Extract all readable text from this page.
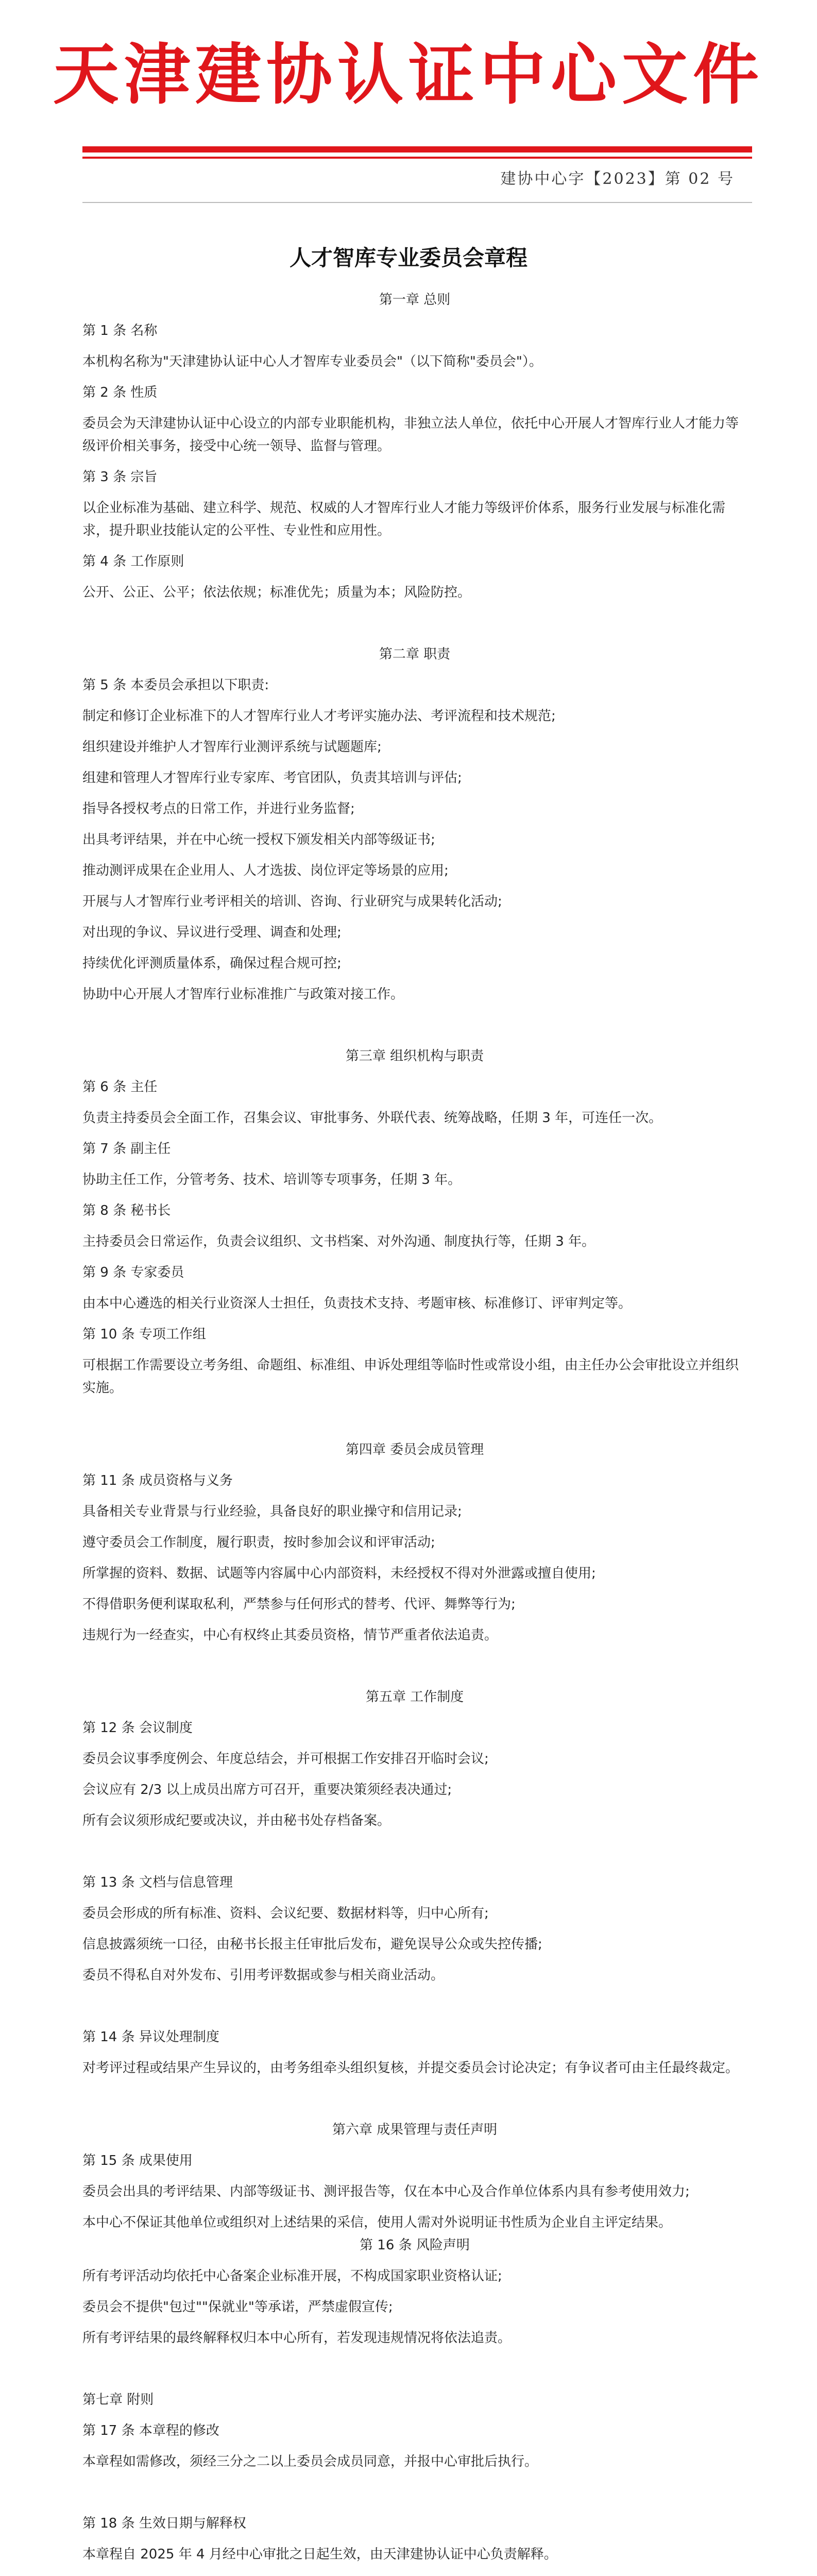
天津建协认证中心文件
建协中心字【2023】第 02 号
人才智库专业委员会章程

第一章 总则

第 1 条 名称

本机构名称为"天津建协认证中心人才智库专业委员会"（以下简称"委员会"）。

第 2 条 性质

委员会为天津建协认证中心设立的内部专业职能机构，非独立法人单位，依托中心开展人才智库行业人才能力等级评价相关事务，接受中心统一领导、监督与管理。

第 3 条 宗旨

以企业标准为基础、建立科学、规范、权威的人才智库行业人才能力等级评价体系，服务行业发展与标准化需求，提升职业技能认定的公平性、专业性和应用性。

第 4 条 工作原则

公开、公正、公平；依法依规；标准优先；质量为本；风险防控。

第二章 职责

第 5 条 本委员会承担以下职责:

制定和修订企业标准下的人才智库行业人才考评实施办法、考评流程和技术规范;

组织建设并维护人才智库行业测评系统与试题题库;

组建和管理人才智库行业专家库、考官团队，负责其培训与评估;

指导各授权考点的日常工作，并进行业务监督;

出具考评结果，并在中心统一授权下颁发相关内部等级证书;

推动测评成果在企业用人、人才选拔、岗位评定等场景的应用;

开展与人才智库行业考评相关的培训、咨询、行业研究与成果转化活动;

对出现的争议、异议进行受理、调查和处理;

持续优化评测质量体系，确保过程合规可控;

协助中心开展人才智库行业标准推广与政策对接工作。

第三章 组织机构与职责

第 6 条 主任

负责主持委员会全面工作，召集会议、审批事务、外联代表、统筹战略，任期 3 年，可连任一次。

第 7 条 副主任

协助主任工作，分管考务、技术、培训等专项事务，任期 3 年。

第 8 条 秘书长

主持委员会日常运作，负责会议组织、文书档案、对外沟通、制度执行等，任期 3 年。

第 9 条 专家委员

由本中心遴选的相关行业资深人士担任，负责技术支持、考题审核、标准修订、评审判定等。

第 10 条 专项工作组

可根据工作需要设立考务组、命题组、标准组、申诉处理组等临时性或常设小组，由主任办公会审批设立并组织实施。

第四章 委员会成员管理

第 11 条 成员资格与义务

具备相关专业背景与行业经验，具备良好的职业操守和信用记录;

遵守委员会工作制度，履行职责，按时参加会议和评审活动;

所掌握的资料、数据、试题等内容属中心内部资料，未经授权不得对外泄露或擅自使用;

不得借职务便利谋取私利，严禁参与任何形式的替考、代评、舞弊等行为;

违规行为一经查实，中心有权终止其委员资格，情节严重者依法追责。

第五章 工作制度

第 12 条 会议制度

委员会议事季度例会、年度总结会，并可根据工作安排召开临时会议;

会议应有 2/3 以上成员出席方可召开，重要决策须经表决通过;

所有会议须形成纪要或决议，并由秘书处存档备案。

第 13 条 文档与信息管理

委员会形成的所有标准、资料、会议纪要、数据材料等，归中心所有;

信息披露须统一口径，由秘书长报主任审批后发布，避免误导公众或失控传播;

委员不得私自对外发布、引用考评数据或参与相关商业活动。

第 14 条 异议处理制度

对考评过程或结果产生异议的，由考务组牵头组织复核，并提交委员会讨论决定；有争议者可由主任最终裁定。

第六章 成果管理与责任声明

第 15 条 成果使用

委员会出具的考评结果、内部等级证书、测评报告等，仅在本中心及合作单位体系内具有参考使用效力;

本中心不保证其他单位或组织对上述结果的采信，使用人需对外说明证书性质为企业自主评定结果。

第 16 条 风险声明

所有考评活动均依托中心备案企业标准开展，不构成国家职业资格认证;

委员会不提供"包过""保就业"等承诺，严禁虚假宣传;

所有考评结果的最终解释权归本中心所有，若发现违规情况将依法追责。

第七章 附则

第 17 条 本章程的修改

本章程如需修改，须经三分之二以上委员会成员同意，并报中心审批后执行。

第 18 条 生效日期与解释权

本章程自 2025 年 4 月经中心审批之日起生效，由天津建协认证中心负责解释。
